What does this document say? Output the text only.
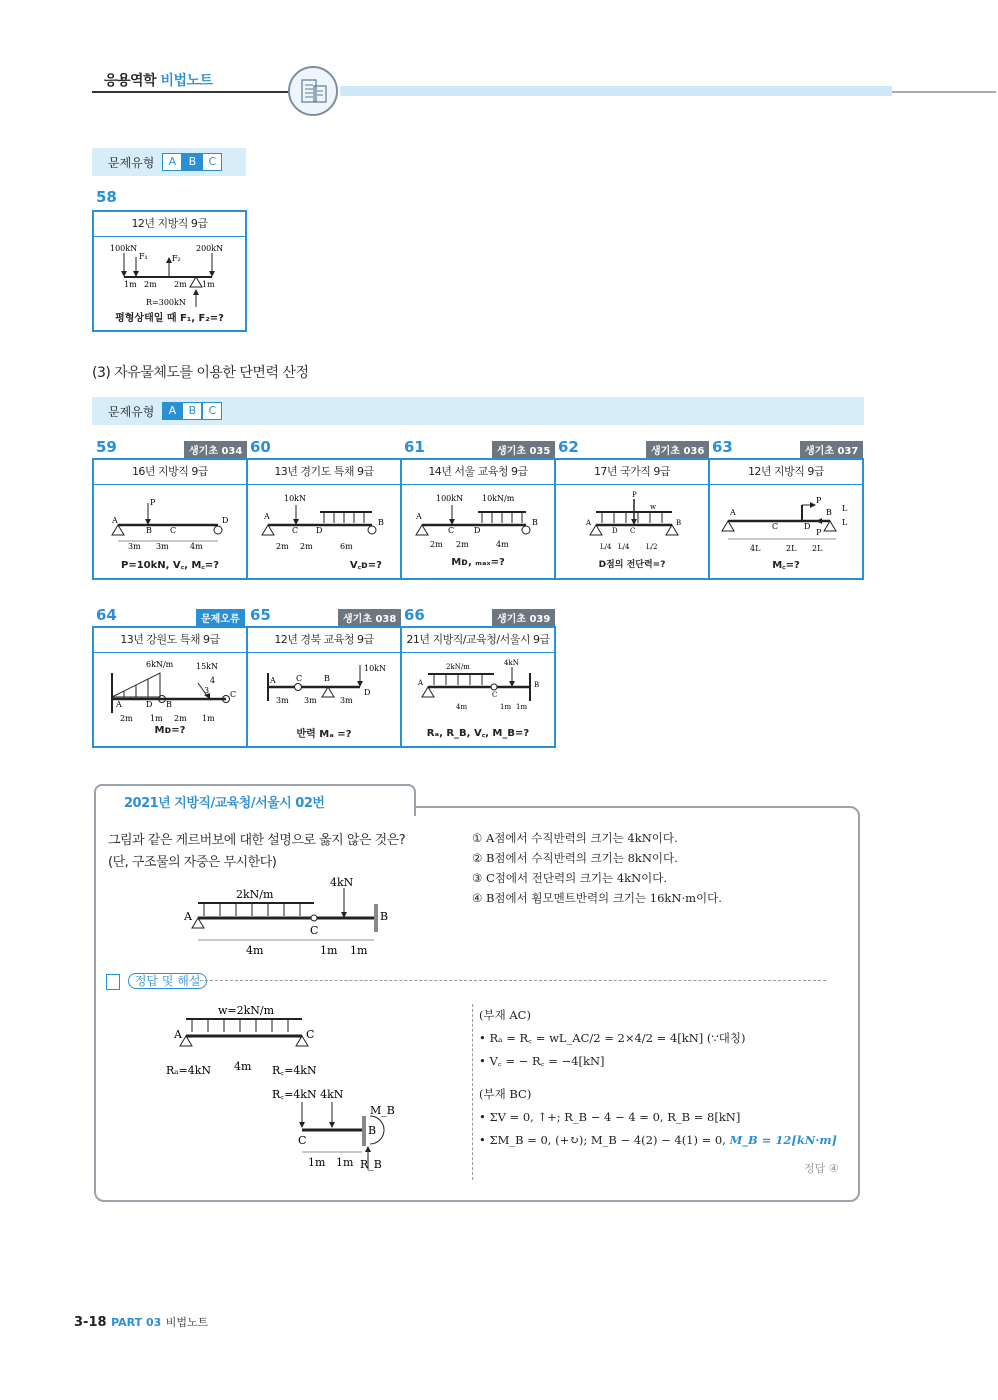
응용역학 비법노트
문제유형	A	B	C
58
12년 지방직 9급
100kN
F₁	F₂
200kN
1m 2m 2m 1m
R=300kN
평형상태일 때 F₁, F₂=?
(3) 자유물체도를 이용한 단면력 산정
문제유형	A	B	C
59	생기초 034 60	61	생기초 035 62	생기초 036 63	생기초 037
16년 지방직 9급
P
A
B C
D
3m 3m	4m
P=10kN, V꜀, M꜀=?
13년 경기도 특채 9급
10kN
A
C D
B
2m 2m	6m
V꜀ᴅ=?
14년 서울 교육청 9급
100kN 10kN/m
A
C D
B
2m 2m	4m
Mᴅ, ₘₐₓ=?
17년 국가직 9급
P
w
A
D C
B
L/4 L/4 L/2
D점의 전단력=?
12년 지방직 9급
P
A
C	D
B L
L
P
4L	2L 2L
M꜀=?
64	문제오류 65	생기초 038 66	생기초 039
13년 강원도 특채 9급
6kN/m	15kN
4
3
A	D B
C
2m 1m 2m 1m
Mᴅ=?
12년 경북 교육청 9급
10kN
A	C	B
D
3m 3m	3m
반력 Mₐ =?
21년 지방직/교육청/서울시 9급
2kN/m	4kN
A
C
B
4m	1m 1m
Rₐ, R_B, V꜀, M_B=?
2021년 지방직/교육청/서울시 02번
그림과 같은 게르버보에 대한 설명으로 옳지 않은 것은?
(단, 구조물의 자중은 무시한다)
2kN/m
4kN
A
C
B
4m	1m 1m
① A점에서 수직반력의 크기는 4kN이다.
② B점에서 수직반력의 크기는 8kN이다.
③ C점에서 전단력의 크기는 4kN이다.
④ B점에서 휨모멘트반력의 크기는 16kN·m이다.
정답 및 해설
w=2kN/m
A	C
Rₐ=4kN 4m R꜀=4kN
R꜀=4kN 4kN
M_B
B
C
1m 1m R_B
(부재 AC)
• Rₐ = R꜀ = wL_AC/2 = 2×4/2 = 4[kN] (∵대칭)
• V꜀ = − R꜀ = −4[kN]
(부재 BC)
• ΣV = 0, ↑+; R_B − 4 − 4 = 0, R_B = 8[kN]
• ΣM_B = 0, (+↻); M_B − 4(2) − 4(1) = 0, M_B = 12[kN·m]
정답 ④
3-18 PART 03 비법노트
